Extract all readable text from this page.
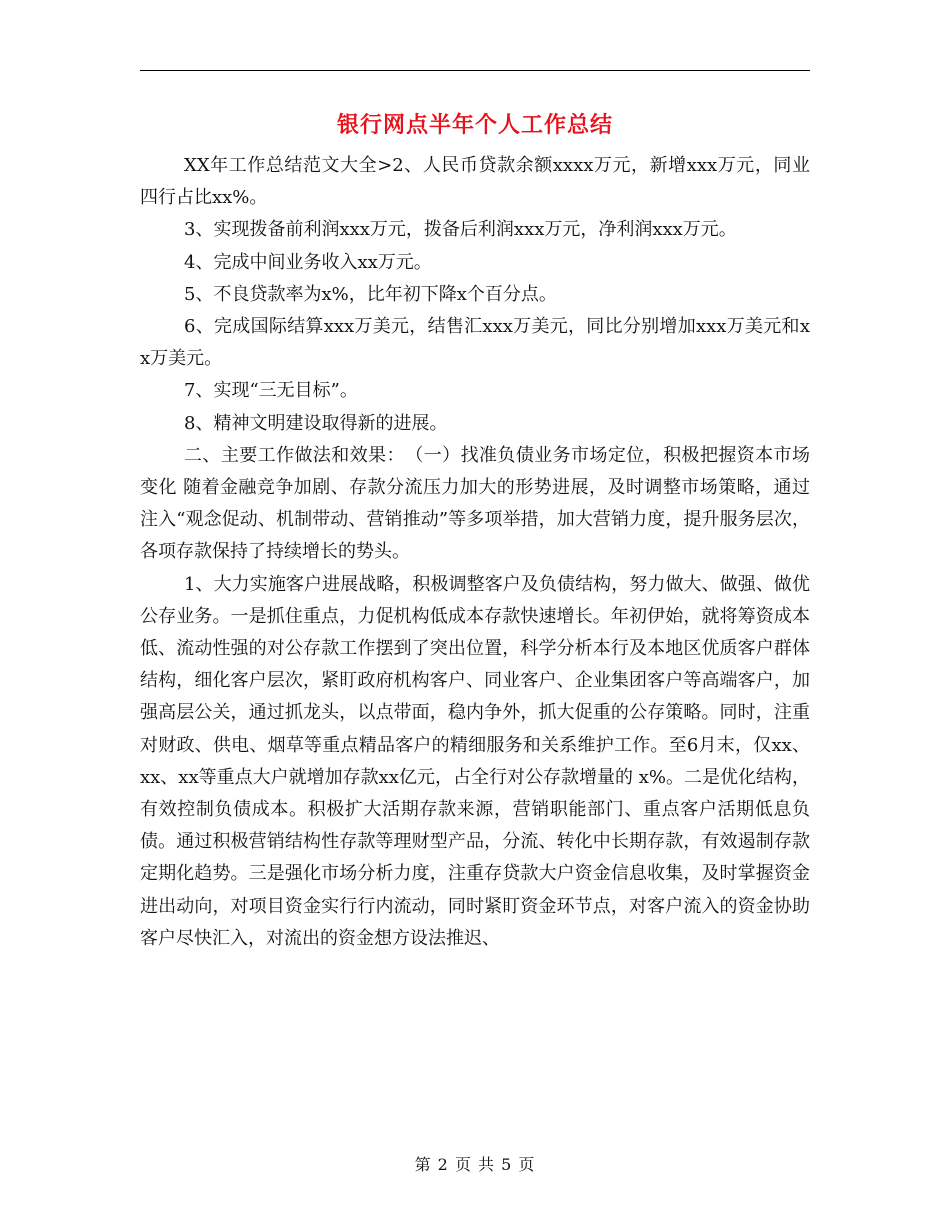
银行网点半年个人工作总结

XX年工作总结范文大全>2、人民币贷款余额xxxx万元，新增xxx万元，同业四行占比xx%。

3、实现拨备前利润xxx万元，拨备后利润xxx万元，净利润xxx万元。

4、完成中间业务收入xx万元。

5、不良贷款率为x%，比年初下降x个百分点。

6、完成国际结算xxx万美元，结售汇xxx万美元，同比分别增加xxx万美元和xx万美元。

7、实现“三无目标”。

8、精神文明建设取得新的进展。

二、主要工作做法和效果：　（一）找准负债业务市场定位，积极把握资本市场变化 随着金融竞争加剧、存款分流压力加大的形势进展，及时调整市场策略，通过注入“观念促动、机制带动、营销推动”等多项举措，加大营销力度，提升服务层次，各项存款保持了持续增长的势头。

1、大力实施客户进展战略，积极调整客户及负债结构，努力做大、做强、做优公存业务。一是抓住重点，力促机构低成本存款快速增长。年初伊始，就将筹资成本低、流动性强的对公存款工作摆到了突出位置，科学分析本行及本地区优质客户群体结构，细化客户层次，紧盯政府机构客户、同业客户、企业集团客户等高端客户，加强高层公关，通过抓龙头，以点带面，稳内争外，抓大促重的公存策略。同时，注重对财政、供电、烟草等重点精品客户的精细服务和关系维护工作。至6月末，仅xx、xx、xx等重点大户就增加存款xx亿元，占全行对公存款增量的 x%。二是优化结构，有效控制负债成本。积极扩大活期存款来源，营销职能部门、重点客户活期低息负债。通过积极营销结构性存款等理财型产品，分流、转化中长期存款，有效遏制存款定期化趋势。三是强化市场分析力度，注重存贷款大户资金信息收集，及时掌握资金进出动向，对项目资金实行行内流动，同时紧盯资金环节点，对客户流入的资金协助客户尽快汇入，对流出的资金想方设法推迟、

第 2 页 共 5 页
